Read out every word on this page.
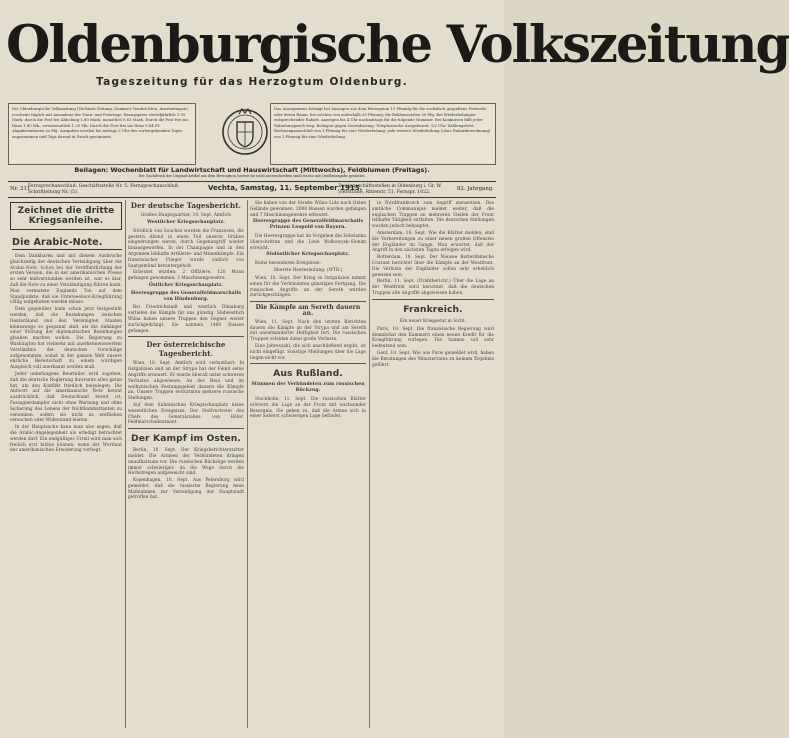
Oldenburgische Volkszeitung
Tageszeitung für das Herzogtum Oldenburg.
Die Oldenburgische Volkszeitung (Vechtaer Zeitung, Damme'r Nachrichten, Ausrüstungen) erscheint täglich mit Ausnahme der Sonn- und Feiertage. Bezugspreis vierteljährlich 1.95 Mark, durch die Post bei Abholung 1.80 Mark, monatlich 0.65 Mark. Durch die Post frei ins Haus 1.80 Mk., zweimonatlich 1.20 Mk. Durch die Post frei ins Haus 0.64 Pf. Abgabestationen so Pfg. Ausgaben werden bis mittags 2 Uhr des vorhergehenden Tages angenommen und Tags darauf in Druck genommen.
Das Anzeigenreis beträgt bei Anzeigen aus dem Herzogtum 15 Pfennig für die sechsfach gespaltene Petitzeile oder deren Raum, bei solchen von außerhalb 20 Pfennig; für Reklamezeilen 50 Pfg. Bei Wiederholungen entsprechender Rabatt. Anzeigen bis 4 Uhr nachmittags für die folgende Nummer. Bei Konkursen fällt jeder Rabattanspruch weg. Beilagen gegen Vereinbarung. Telephonische Ausgabezeit: 1/2 Uhr. Zahlungsfrist: Rechnungsanschluß von 3 Pfennig für eine Wiederholung: jede weitere Wiederholung (ohne Rabattberechnung) von 2 Pfennig für eine Wiederholung.
Beilagen: Wochenblatt für Landwirtschaft und Hauswirtschaft (Mittwochs), Feldblumen (Freitags).
Der Nachdruck der Original-Artikel aus dem Herzogtum (soweit sie nicht unterschrieben sind) ist nur mit Quellenangabe gestattet.
Nr. 211
Fernsprechanschluß: Geschäftsstelle Nr. 5. Fernsprechanschluß: Schriftleitung Nr. (5).
Vechta, Samstag, 11. September 1915.
Zweiggeschäftsstellen in Oldenburg i. Gr. W. Vierstraße, Ritterstr. 51, Fernspr. 1022.
82. Jahrgang.
Zeichnet die dritte Kriegsanleihe.
Die Arabic-Note.

Dem Dankbaren und mit diesem Ausbruche gleichzeitig der deutschen Verteidigung über die Arabic-Note. Schon bei der Veröffentlichung der ersten Version, die in der amerikanischen Presse so sehr mißverstanden worden ist, war es klar, daß die Note zu einer Verständigung führen kann. Man vermutete Englands Ton auf dem Standpunkte, daß sie Unterseeboot-Kriegführung völlig aufgehoben werden müsse.

Dem gegenüber kann schon jetzt festgestellt werden, daß die Beziehungen zwischen Deutschland und den Vereinigten Staaten keineswegs so gespannt sind, als die Anhänger einer Störung der diplomatischen Beziehungen glauben machen wollen. Die Regierung zu Washington hat vielmehr mit anerkennenswertem Verständnis die deutschen Vorschläge aufgenommen, sodaß in der ganzen Welt unsere ehrliche Bereitschaft zu einem würdigen Ausgleich voll anerkannt werden muß.

Jeder unbefangene Beurteiler wird zugeben, daß die deutsche Regierung ihrerseits alles getan hat, um den Konflikt friedlich beizulegen. Die Antwort auf die amerikanische Note betont ausdrücklich, daß Deutschland bereit ist, Passagierdampfer nicht ohne Warnung und ohne Sicherung des Lebens der Nichtkombattanten zu versenken, sofern sie nicht zu entfliehen versuchen oder Widerstand leisten.

In der Hauptsache kann man also sagen, daß die Arabic-Angelegenheit als erledigt betrachtet werden darf. Ein endgültiges Urteil wird man sich freilich erst bilden können, wenn der Wortlaut der amerikanischen Erwiderung vorliegt.

Der deutsche Tagesbericht.
Großes Hauptquartier, 10. Sept. Amtlich
Westlicher Kriegsschauplatz.

Nördlich von Souchez wurden die Franzosen, die gestern Abend in einen Teil unserer Gräben eingedrungen waren, durch Gegenangriff wieder hinausgeworfen. In der Champagne und in den Argonnen lebhafte Artillerie- und Minenkämpfe. Ein französischer Flieger wurde südlich von Saargemünd heruntergeholt.

Erbeutet wurden: 2 Offiziere, 120 Mann gefangen genommen, 3 Maschinengewehre.

Östlicher Kriegsschauplatz.
Heeresgruppe des Generalfeldmarschalls von Hindenburg.

Bei Friedrichstadt und westlich Dünaburg verliefen die Kämpfe für uns günstig. Südwestlich Wilna haben unsere Truppen den Gegner weiter zurückgedrängt. Sie nahmen 1400 Russen gefangen.

Der österreichische Tagesbericht.

Wien, 10. Sept. Amtlich wird verlautbart: In Ostgalizien und an der Strypa hat der Feind seine Angriffe erneuert. Er wurde überall unter schweren Verlusten abgewiesen. An der Ikwa und im wolhynischen Festungsgebiet dauern die Kämpfe an. Unsere Truppen erstürmten mehrere russische Stellungen.

Auf dem italienischen Kriegsschauplatz keine wesentlichen Ereignisse. Der Stellvertreter des Chefs des Generalstabes: von Höfer, Feldmarschalleutnant.

Der Kampf im Osten.

Berlin, 10. Sept. Der Kriegsberichterstatter meldet: Die Armeen der Verbündeten dringen unaufhaltsam vor. Die russischen Rückzüge werden immer schwieriger, da die Wege durch die Herbstregen aufgeweicht sind.

Kopenhagen, 10. Sept. Aus Petersburg wird gemeldet, daß die russische Regierung neue Maßnahmen zur Verteidigung der Hauptstadt getroffen hat.

Sie haben von der Straße Wilna–Lida nach Osten Gelände gewonnen. 2000 Russen wurden gefangen und 7 Maschinengewehre erbeutet.

Heeresgruppe des Generalfeldmarschalls Prinzen Leopold von Bayern.

Die Heeresgruppe hat im Vorgehen die Zelwianka überschritten und die Linie Wolkowysk–Slonim erreicht.

Südöstlicher Kriegsschauplatz.

Keine besonderen Ereignisse.

Oberste Heeresleitung. (WTB.)

Wien, 10. Sept. Der Krieg in Ostgalizien nimmt einen für die Verbündeten günstigen Fortgang. Die russischen Angriffe an der Sereth wurden zurückgeschlagen.

Die Kämpfe am Sereth dauern an.

Wien, 11. Sept. Nach den letzten Berichten dauern die Kämpfe an der Strypa und am Sereth mit unverminderter Heftigkeit fort. Die russischen Truppen erleiden dabei große Verluste.

Eine Jahreszahl, die sich anschließend ergibt, ist nicht eingefügt. Sonstige Meldungen über die Lage liegen nicht vor.

Aus Rußland.
Stimmen der Verbündeten zum russischen Rückzug.

Stockholm, 11. Sept. Die russischen Blätter erörtern die Lage an der Front mit wachsender Besorgnis. Sie geben zu, daß die Armee sich in einer äußerst schwierigen Lage befindet.

in Nordfrankreich zum Angriff anzusetzen. Das amtliche Communiqué meldet weiter, daß die englischen Truppen an mehreren Stellen der Front lebhafte Tätigkeit entfalten. Die deutschen Stellungen wurden jedoch behauptet.

Amsterdam, 10. Sept. Wie die Blätter melden, sind die Vorbereitungen zu einer neuen großen Offensive der Engländer im Gange. Man erwartet, daß der Angriff in den nächsten Tagen erfolgen wird.

Rotterdam, 10. Sept. Der Nieuwe Rotterdamsche Courant berichtet über die Kämpfe an der Westfront. Die Verluste der Engländer sollen sehr erheblich gewesen sein.

Berlin, 11. Sept. (Drahtbericht.) Über die Lage an der Westfront wird berichtet, daß die deutschen Truppen alle Angriffe abgewiesen haben.

Frankreich.
Ein neuer Kriegsetat in Sicht.

Paris, 10. Sept. Die französische Regierung wird demnächst den Kammern einen neuen Kredit für die Kriegführung vorlegen. Die Summe soll sehr bedeutend sein.

Genf, 10. Sept. Wie aus Paris gemeldet wird, haben die Beratungen des Ministerrates zu keinem Ergebnis geführt.
